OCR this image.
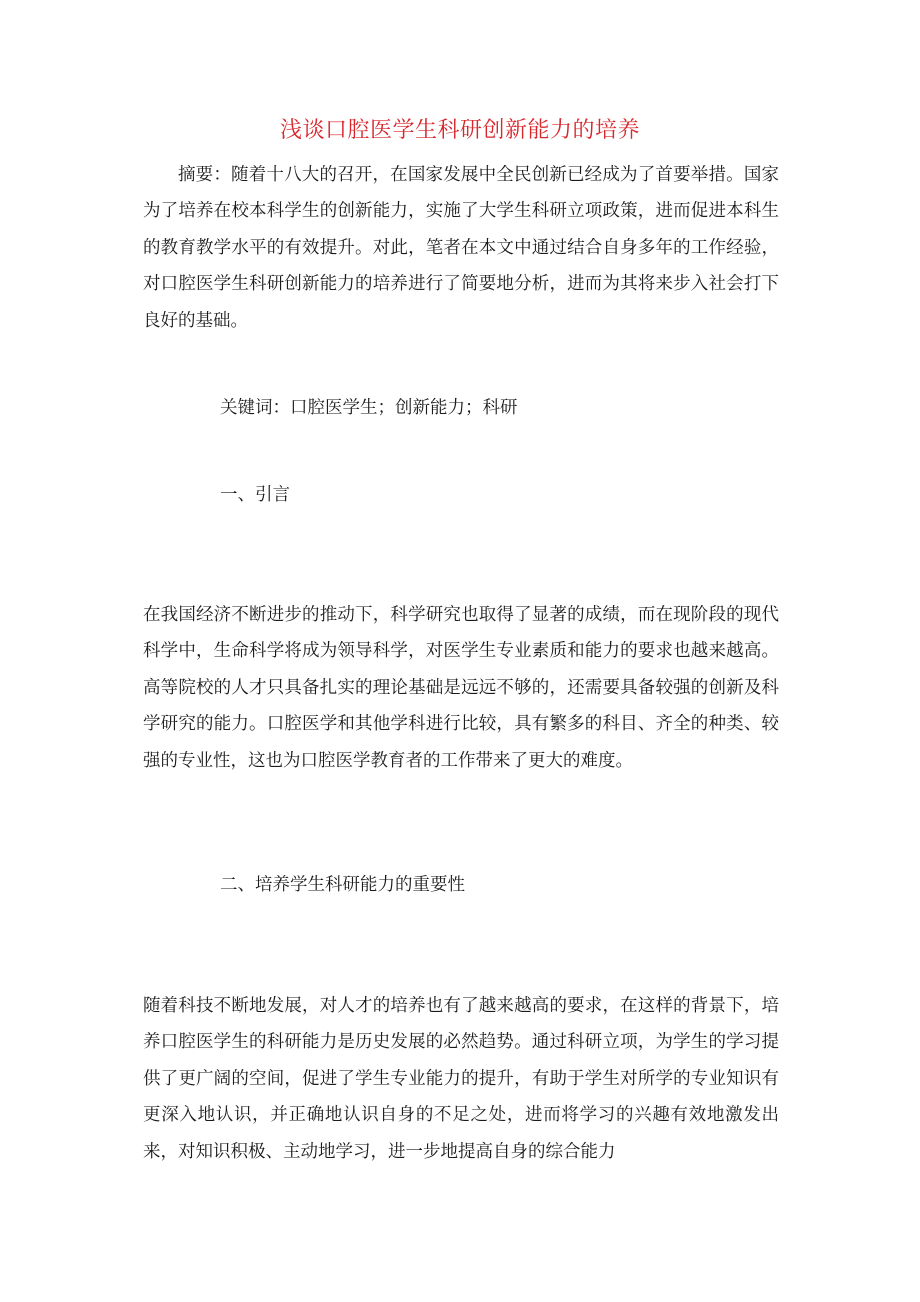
浅谈口腔医学生科研创新能力的培养

摘要：随着十八大的召开，在国家发展中全民创新已经成为了首要举措。国家为了培养在校本科学生的创新能力，实施了大学生科研立项政策，进而促进本科生的教育教学水平的有效提升。对此，笔者在本文中通过结合自身多年的工作经验，对口腔医学生科研创新能力的培养进行了简要地分析，进而为其将来步入社会打下良好的基础。

关键词：口腔医学生；创新能力；科研

一、引言

在我国经济不断进步的推动下，科学研究也取得了显著的成绩，而在现阶段的现代科学中，生命科学将成为领导科学，对医学生专业素质和能力的要求也越来越高。高等院校的人才只具备扎实的理论基础是远远不够的，还需要具备较强的创新及科学研究的能力。口腔医学和其他学科进行比较，具有繁多的科目、齐全的种类、较强的专业性，这也为口腔医学教育者的工作带来了更大的难度。

二、培养学生科研能力的重要性

随着科技不断地发展，对人才的培养也有了越来越高的要求，在这样的背景下，培养口腔医学生的科研能力是历史发展的必然趋势。通过科研立项，为学生的学习提供了更广阔的空间，促进了学生专业能力的提升，有助于学生对所学的专业知识有更深入地认识，并正确地认识自身的不足之处，进而将学习的兴趣有效地激发出来，对知识积极、主动地学习，进一步地提高自身的综合能力
